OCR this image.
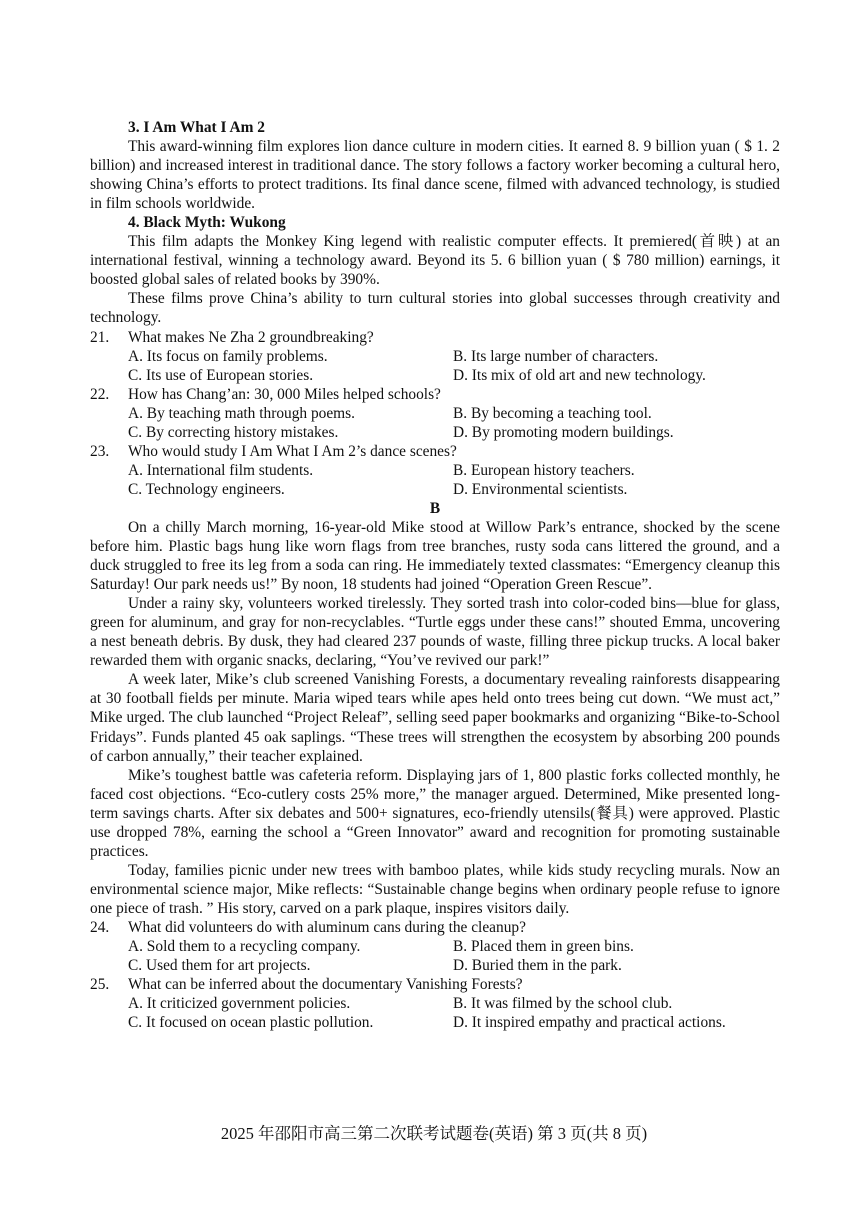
3. I Am What I Am 2
This award-winning film explores lion dance culture in modern cities. It earned 8. 9 billion yuan ( $ 1. 2 billion) and increased interest in traditional dance. The story follows a factory worker becoming a cultural hero, showing China’s efforts to protect traditions. Its final dance scene, filmed with advanced technology, is studied in film schools worldwide.
4. Black Myth: Wukong
This film adapts the Monkey King legend with realistic computer effects. It premiered(首映) at an international festival, winning a technology award. Beyond its 5. 6 billion yuan ( $ 780 million) earnings, it boosted global sales of related books by 390%.
These films prove China’s ability to turn cultural stories into global successes through creativity and technology.
21.	What makes Ne Zha 2 groundbreaking?
A. Its focus on family problems.	B. Its large number of characters.
C. Its use of European stories.	D. Its mix of old art and new technology.
22.	How has Chang’an: 30, 000 Miles helped schools?
A. By teaching math through poems.	B. By becoming a teaching tool.
C. By correcting history mistakes.	D. By promoting modern buildings.
23.	Who would study I Am What I Am 2’s dance scenes?
A. International film students.	B. European history teachers.
C. Technology engineers.	D. Environmental scientists.
B
On a chilly March morning, 16-year-old Mike stood at Willow Park’s entrance, shocked by the scene before him. Plastic bags hung like worn flags from tree branches, rusty soda cans littered the ground, and a duck struggled to free its leg from a soda can ring. He immediately texted classmates: “Emergency cleanup this Saturday! Our park needs us!” By noon, 18 students had joined “Operation Green Rescue”.
Under a rainy sky, volunteers worked tirelessly. They sorted trash into color-coded bins—blue for glass, green for aluminum, and gray for non-recyclables. “Turtle eggs under these cans!” shouted Emma, uncovering a nest beneath debris. By dusk, they had cleared 237 pounds of waste, filling three pickup trucks. A local baker rewarded them with organic snacks, declaring, “You’ve revived our park!”
A week later, Mike’s club screened Vanishing Forests, a documentary revealing rainforests disappearing at 30 football fields per minute. Maria wiped tears while apes held onto trees being cut down. “We must act,” Mike urged. The club launched “Project Releaf”, selling seed paper bookmarks and organizing “Bike-to-School Fridays”. Funds planted 45 oak saplings. “These trees will strengthen the ecosystem by absorbing 200 pounds of carbon annually,” their teacher explained.
Mike’s toughest battle was cafeteria reform. Displaying jars of 1, 800 plastic forks collected monthly, he faced cost objections. “Eco-cutlery costs 25% more,” the manager argued. Determined, Mike presented long-term savings charts. After six debates and 500+ signatures, eco-friendly utensils(餐具) were approved. Plastic use dropped 78%, earning the school a “Green Innovator” award and recognition for promoting sustainable practices.
Today, families picnic under new trees with bamboo plates, while kids study recycling murals. Now an environmental science major, Mike reflects: “Sustainable change begins when ordinary people refuse to ignore one piece of trash. ” His story, carved on a park plaque, inspires visitors daily.
24.	What did volunteers do with aluminum cans during the cleanup?
A. Sold them to a recycling company.	B. Placed them in green bins.
C. Used them for art projects.	D. Buried them in the park.
25.	What can be inferred about the documentary Vanishing Forests?
A. It criticized government policies.	B. It was filmed by the school club.
C. It focused on ocean plastic pollution.	D. It inspired empathy and practical actions.
2025 年邵阳市高三第二次联考试题卷(英语) 第 3 页(共 8 页)
